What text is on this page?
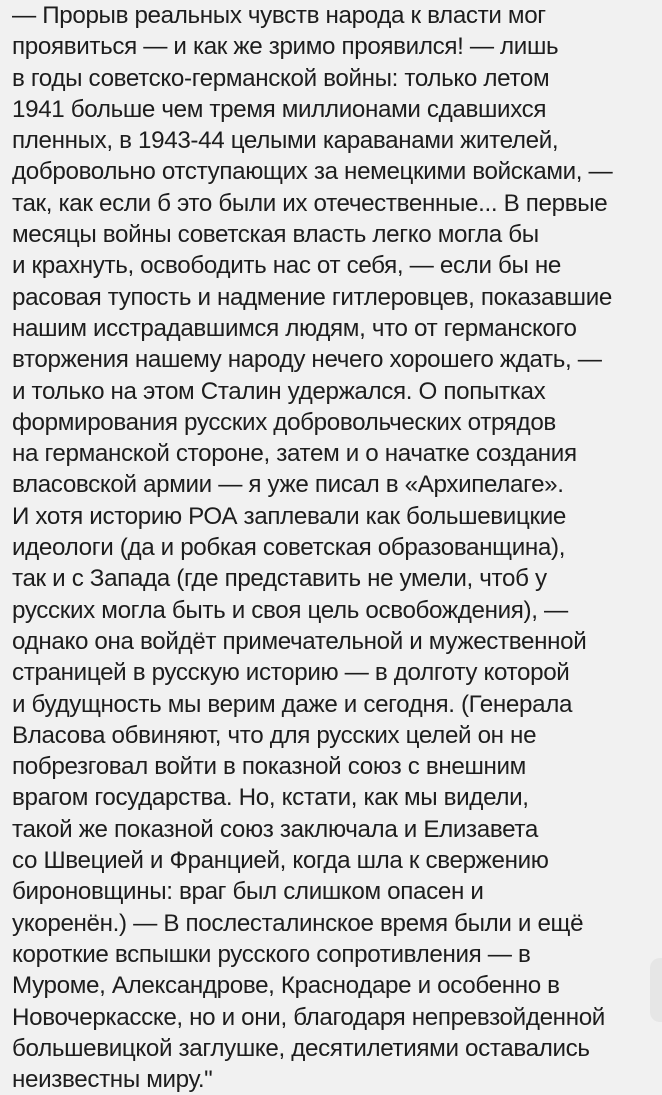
— Прорыв реальных чувств народа к власти мог
проявиться — и как же зримо проявился! — лишь
в годы советско-германской войны: только летом
1941 больше чем тремя миллионами сдавшихся
пленных, в 1943-44 целыми караванами жителей,
добровольно отступающих за немецкими войсками, —
так, как если б это были их отечественные... В первые
месяцы войны советская власть легко могла бы
и крахнуть, освободить нас от себя, — если бы не
расовая тупость и надмение гитлеровцев, показавшие
нашим исстрадавшимся людям, что от германского
вторжения нашему народу нечего хорошего ждать, —
и только на этом Сталин удержался. О попытках
формирования русских добровольческих отрядов
на германской стороне, затем и о начатке создания
власовской армии — я уже писал в «Архипелаге».
И хотя историю РОА заплевали как большевицкие
идеологи (да и робкая советская образованщина),
так и с Запада (где представить не умели, чтоб у
русских могла быть и своя цель освобождения), —
однако она войдёт примечательной и мужественной
страницей в русскую историю — в долготу которой
и будущность мы верим даже и сегодня. (Генерала
Власова обвиняют, что для русских целей он не
побрезговал войти в показной союз с внешним
врагом государства. Но, кстати, как мы видели,
такой же показной союз заключала и Елизавета
со Швецией и Францией, когда шла к свержению
бироновщины: враг был слишком опасен и
укоренён.) — В послесталинское время были и ещё
короткие вспышки русского сопротивления — в
Муроме, Александрове, Краснодаре и особенно в
Новочеркасске, но и они, благодаря непревзойденной
большевицкой заглушке, десятилетиями оставались
неизвестны миру."
